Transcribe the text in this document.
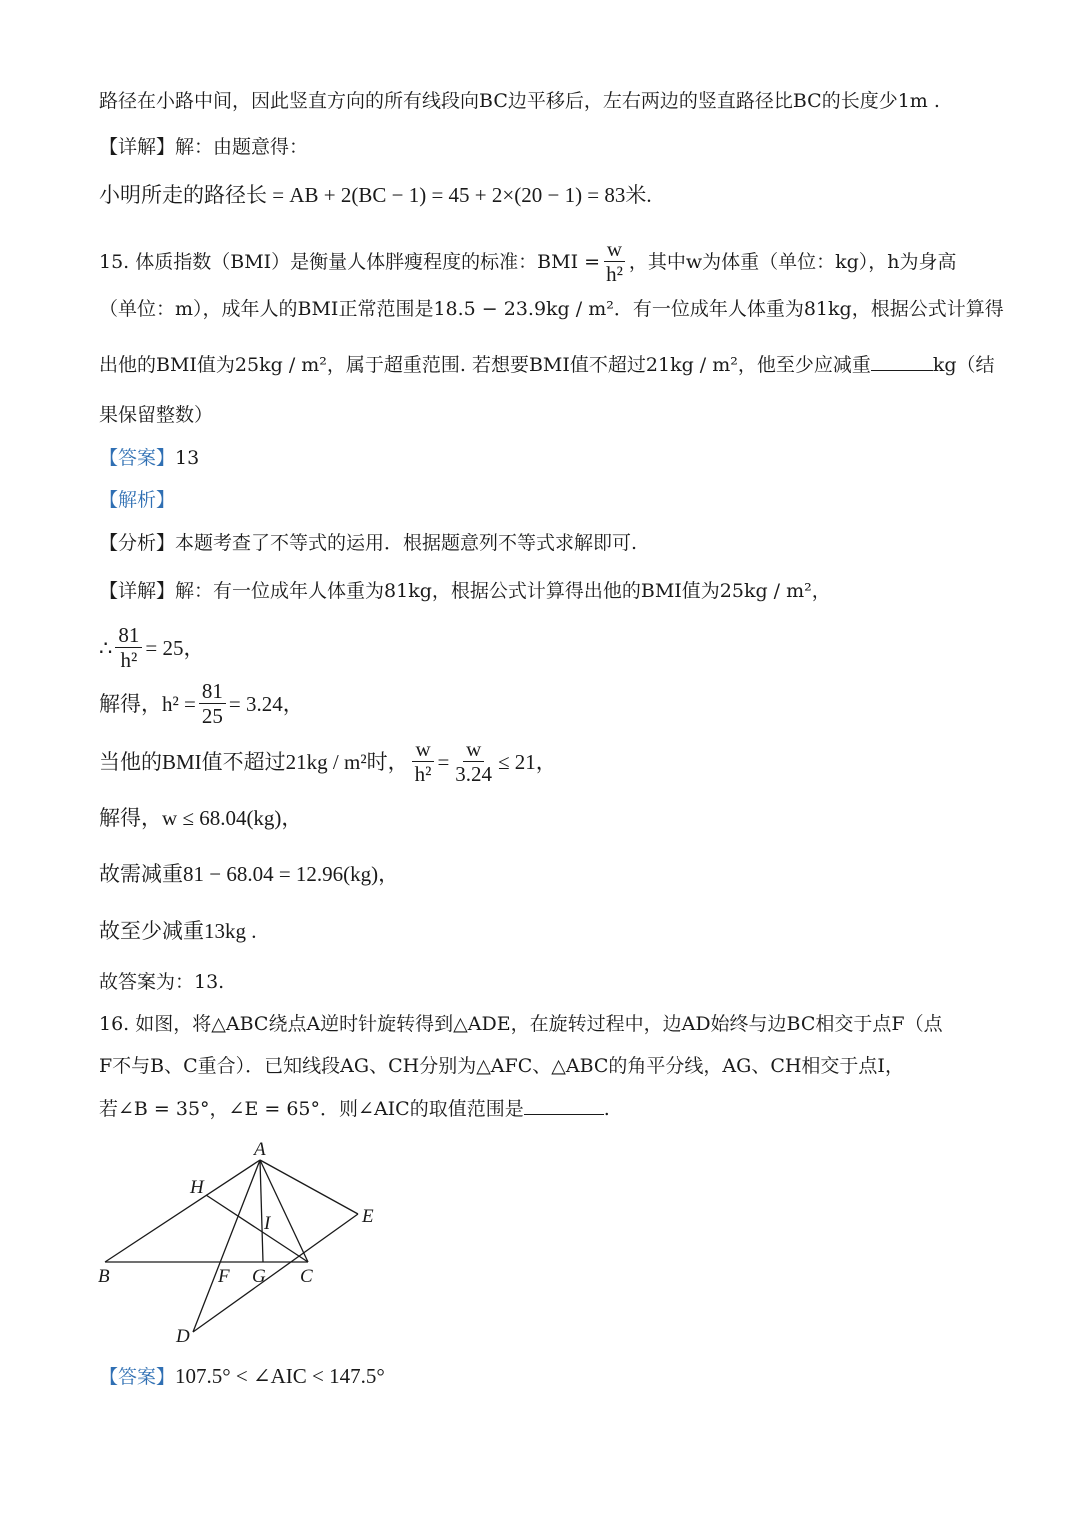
路径在小路中间，因此竖直方向的所有线段向BC边平移后，左右两边的竖直路径比BC的长度少1m .
【详解】解：由题意得：
小明所走的路径长 = AB + 2(BC − 1) = 45 + 2×(20 − 1) = 83米.
15. 体质指数（BMI）是衡量人体胖瘦程度的标准：BMI = $\frac{w}{\text{h²}}$ ，其中w为体重（单位：kg），h为身高
（单位：m），成年人的BMI正常范围是18.5 − 23.9kg / m²．有一位成年人体重为81kg，根据公式计算得
出他的BMI值为25kg / m²，属于超重范围. 若想要BMI值不超过21kg / m²，他至少应减重	kg（结
果保留整数）
【答案】13
【解析】
【分析】本题考查了不等式的运用．根据题意列不等式求解即可.
【详解】解：有一位成年人体重为81kg，根据公式计算得出他的BMI值为25kg / m²，
∴ $\frac{81}{\text{h²}} = 25$，
解得，$h^2 = \frac{81}{25} = 3.24$，
当他的BMI值不超过21kg / m²时， $\frac{w}{\text{h²}} = \frac{w}{3.24} \le 21$，
解得，w ≤ 68.04(kg)，
故需减重81 − 68.04 = 12.96(kg)，
故至少减重13kg .
故答案为：13.
16. 如图，将△ABC绕点A逆时针旋转得到△ADE，在旋转过程中，边AD始终与边BC相交于点F（点
F不与B、C重合）．已知线段AG、CH分别为△AFC、△ABC的角平分线，AG、CH相交于点I，
若∠B = 35°，∠E = 65°．则∠AIC的取值范围是	.
A
H
I	E
B	F G C
D
【答案】107.5° < ∠AIC < 147.5°
